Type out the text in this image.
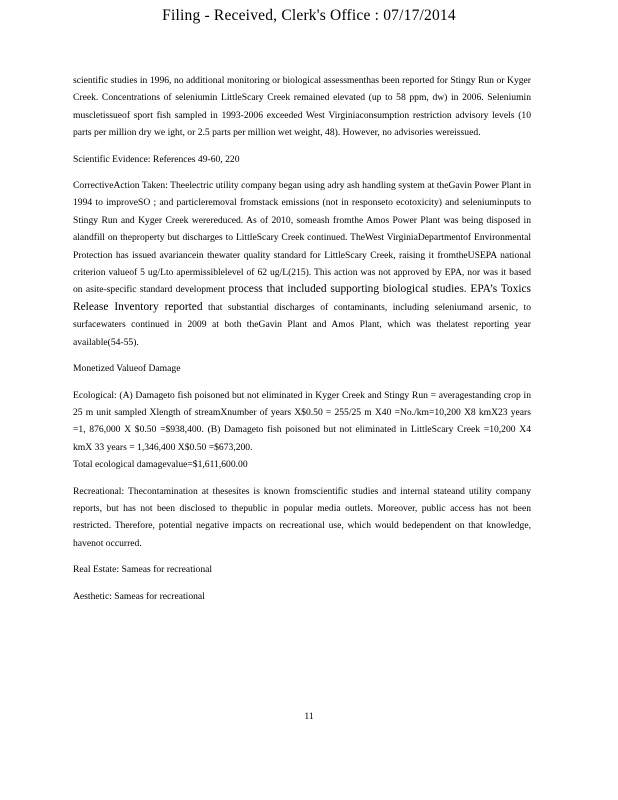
Filing - Received, Clerk's Office : 07/17/2014

scientific studies in 1996, no additional monitoring or biological assessmenthas been reported for Stingy Run or Kyger Creek. Concentrations of seleniumin LittleScary Creek remained elevated (up to 58 ppm, dw) in 2006. Seleniumin muscletissueof sport fish sampled in 1993-2006 exceeded West Virginiaconsumption restriction advisory levels (10 parts per million dry we ight, or 2.5 parts per million wet weight, 48). However, no advisories wereissued.

Scientific Evidence: References 49-60, 220

CorrectiveAction Taken: Theelectric utility company began using adry ash handling system at theGavin Power Plant in 1994 to improveSO ; and particleremoval fromstack emissions (not in responseto ecotoxicity) and seleniuminputs to Stingy Run and Kyger Creek werereduced. As of 2010, someash fromthe Amos Power Plant was being disposed in alandfill on theproperty but discharges to LittleScary Creek continued. TheWest VirginiaDepartmentof Environmental Protection has issued avariancein thewater quality standard for LittleScary Creek, raising it fromtheUSEPA national criterion valueof 5 ug/Lto apermissiblelevel of 62 ug/L(215). This action was not approved by EPA, nor was it based on asite-specific standard development process that included supporting biological studies. EPA’s Toxics Release Inventory reported that substantial discharges of contaminants, including seleniumand arsenic, to surfacewaters continued in 2009 at both theGavin Plant and Amos Plant, which was thelatest reporting year available(54-55).

Monetized Valueof Damage

Ecological: (A) Damageto fish poisoned but not eliminated in Kyger Creek and Stingy Run = averagestanding crop in 25 m unit sampled Xlength of streamXnumber of years X$0.50 = 255/25 m X40 =No./km=10,200 X8 kmX23 years =1, 876,000 X $0.50 =$938,400. (B) Damageto fish poisoned but not eliminated in LittleScary Creek =10,200 X4 kmX 33 years = 1,346,400 X$0.50 =$673,200.

Total ecological damagevalue=$1,611,600.00

Recreational: Thecontamination at thesesites is known fromscientific studies and internal stateand utility company reports, but has not been disclosed to thepublic in popular media outlets. Moreover, public access has not been restricted. Therefore, potential negative impacts on recreational use, which would bedependent on that knowledge, havenot occurred.

Real Estate: Sameas for recreational

Aesthetic: Sameas for recreational

11
